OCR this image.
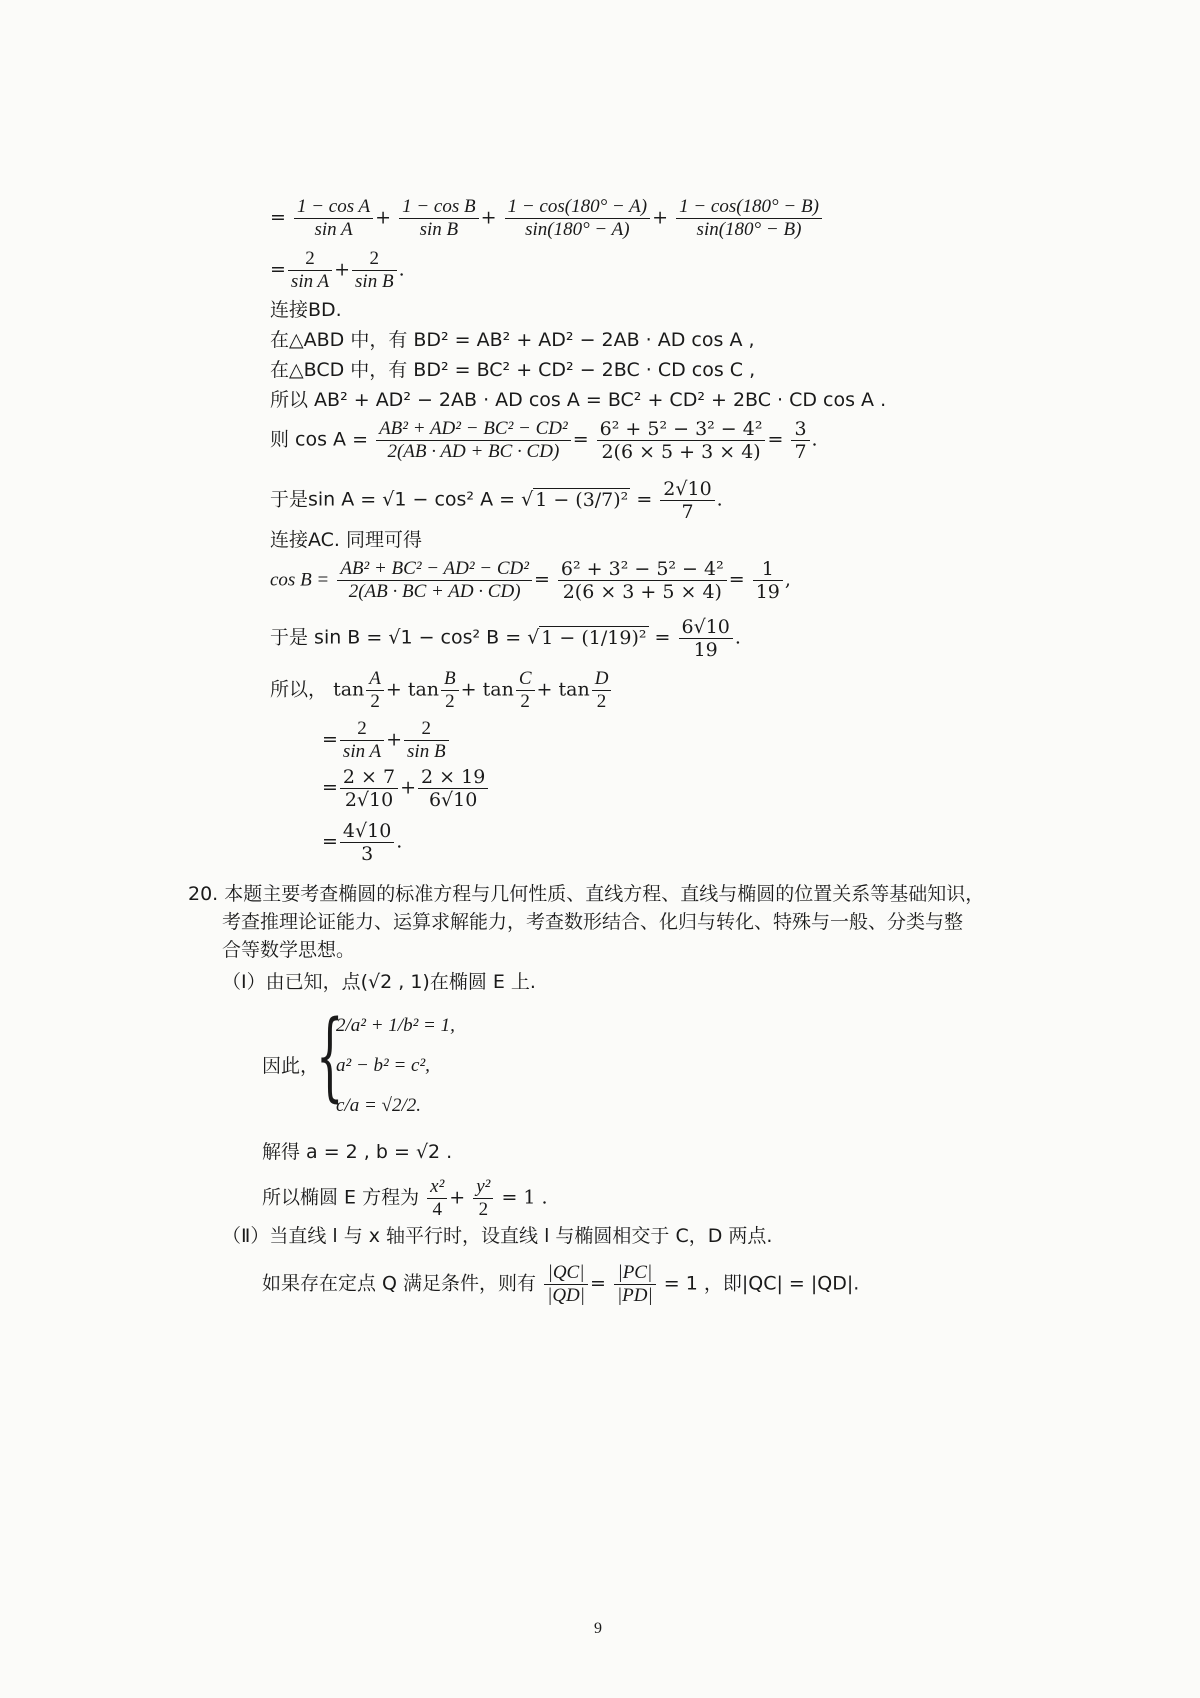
= $\frac{\text{1 − cos A}}{\text{sin A}} + \frac{\text{1 − cos B}}{\text{sin B}} + \frac{1 - \cos(180^\circ - A)}{\sin(180^\circ - A)} + \frac{1 - \cos(180^\circ - B)}{\sin(180^\circ - B)}$
= $\frac{2}{\text{sin A}} + \frac{2}{\text{sin B}}$ .
连接BD.
在△ABD 中，有 BD² = AB² + AD² − 2AB · AD cos A ,
在△BCD 中，有 BD² = BC² + CD² − 2BC · CD cos C ,
所以 AB² + AD² − 2AB · AD cos A = BC² + CD² + 2BC · CD cos A .
则 $\cos A = \frac{\text{AB² + AD² − BC² − CD²}}{2(AB \cdot AD + BC \cdot CD)} = \frac{\text{6² + 5² − 3² − 4²}}{2(6 \times 5 + 3 \times 4)} = \frac{3}{7}$ .
于是sin A = √1 − cos² A = √ $1 - (3/7)^2 = \frac{2√10}{7}$ .
连接AC. 同理可得
$\cos B = \frac{\text{AB² + BC² − AD² − CD²}}{2(AB \cdot BC + AD \cdot CD)} = \frac{\text{6² + 3² − 5² − 4²}}{2(6 \times 3 + 5 \times 4)} = \frac{1}{19}$ ,
于是 sin B = √1 − cos² B = √ $1 - (1/19)^2 = \frac{6√10}{19}$ .
所以， $\tan \frac{A}{2} + \tan \frac{B}{2} + \tan \frac{C}{2} + \tan \frac{D}{2}$
= $\frac{2}{\text{sin A}} + \frac{2}{\text{sin B}}$
= $\frac{2 \times 7}{2√10} + \frac{2 \times 19}{6√10}$
= $\frac{4√10}{3}$ .
20. 本题主要考查椭圆的标准方程与几何性质、直线方程、直线与椭圆的位置关系等基础知识，
考查推理论证能力、运算求解能力，考查数形结合、化归与转化、特殊与一般、分类与整
合等数学思想。
（Ⅰ）由已知，点(√2 , 1)在椭圆 E 上.
因此，
{
2/a² + 1/b² = 1,
a² − b² = c²,
c/a = √2/2.
解得 a = 2 , b = √2 .
所以椭圆 E 方程为 $\frac{\text{x²}}{4} + \frac{\text{y²}}{2} = 1$ .
（Ⅱ）当直线 l 与 x 轴平行时，设直线 l 与椭圆相交于 C，D 两点.
如果存在定点 Q 满足条件，则有 $\frac{|QC|}{|QD|} = \frac{|PC|}{|PD|} = 1$ ，即|QC| = |QD|.
9
